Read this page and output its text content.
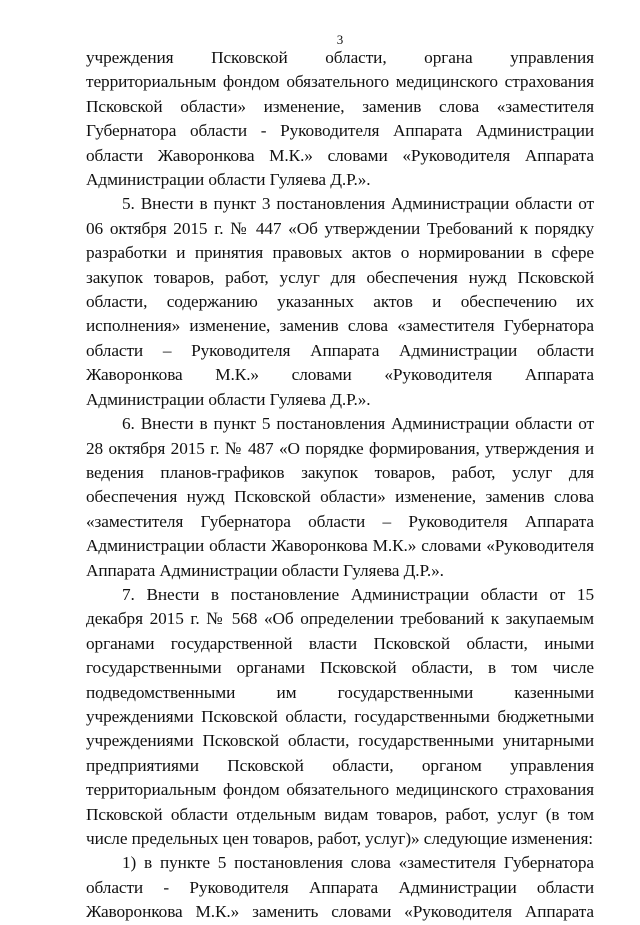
3

учреждения Псковской области, органа управления территориальным фондом обязательного медицинского страхования Псковской области» изменение, заменив слова «заместителя Губернатора области - Руководителя Аппарата Администрации области Жаворонкова М.К.» словами «Руководителя Аппарата Администрации области Гуляева Д.Р.».

5. Внести в пункт 3 постановления Администрации области от 06 октября 2015 г. № 447 «Об утверждении Требований к порядку разработки и принятия правовых актов о нормировании в сфере закупок товаров, работ, услуг для обеспечения нужд Псковской области, содержанию указанных актов и обеспечению их исполнения» изменение, заменив слова «заместителя Губернатора области – Руководителя Аппарата Администрации области Жаворонкова М.К.» словами «Руководителя Аппарата Администрации области Гуляева Д.Р.».

6. Внести в пункт 5 постановления Администрации области от 28 октября 2015 г. № 487 «О порядке формирования, утверждения и ведения планов-графиков закупок товаров, работ, услуг для обеспечения нужд Псковской области» изменение, заменив слова «заместителя Губернатора области – Руководителя Аппарата Администрации области Жаворонкова М.К.» словами «Руководителя Аппарата Администрации области Гуляева Д.Р.».

7. Внести в постановление Администрации области от 15 декабря 2015 г. № 568 «Об определении требований к закупаемым органами государственной власти Псковской области, иными государственными органами Псковской области, в том числе подведомственными им государственными казенными учреждениями Псковской области, государственными бюджетными учреждениями Псковской области, государственными унитарными предприятиями Псковской области, органом управления территориальным фондом обязательного медицинского страхования Псковской области отдельным видам товаров, работ, услуг (в том числе предельных цен товаров, работ, услуг)» следующие изменения:

1) в пункте 5 постановления слова «заместителя Губернатора области - Руководителя Аппарата Администрации области Жаворонкова М.К.» заменить словами «Руководителя Аппарата
